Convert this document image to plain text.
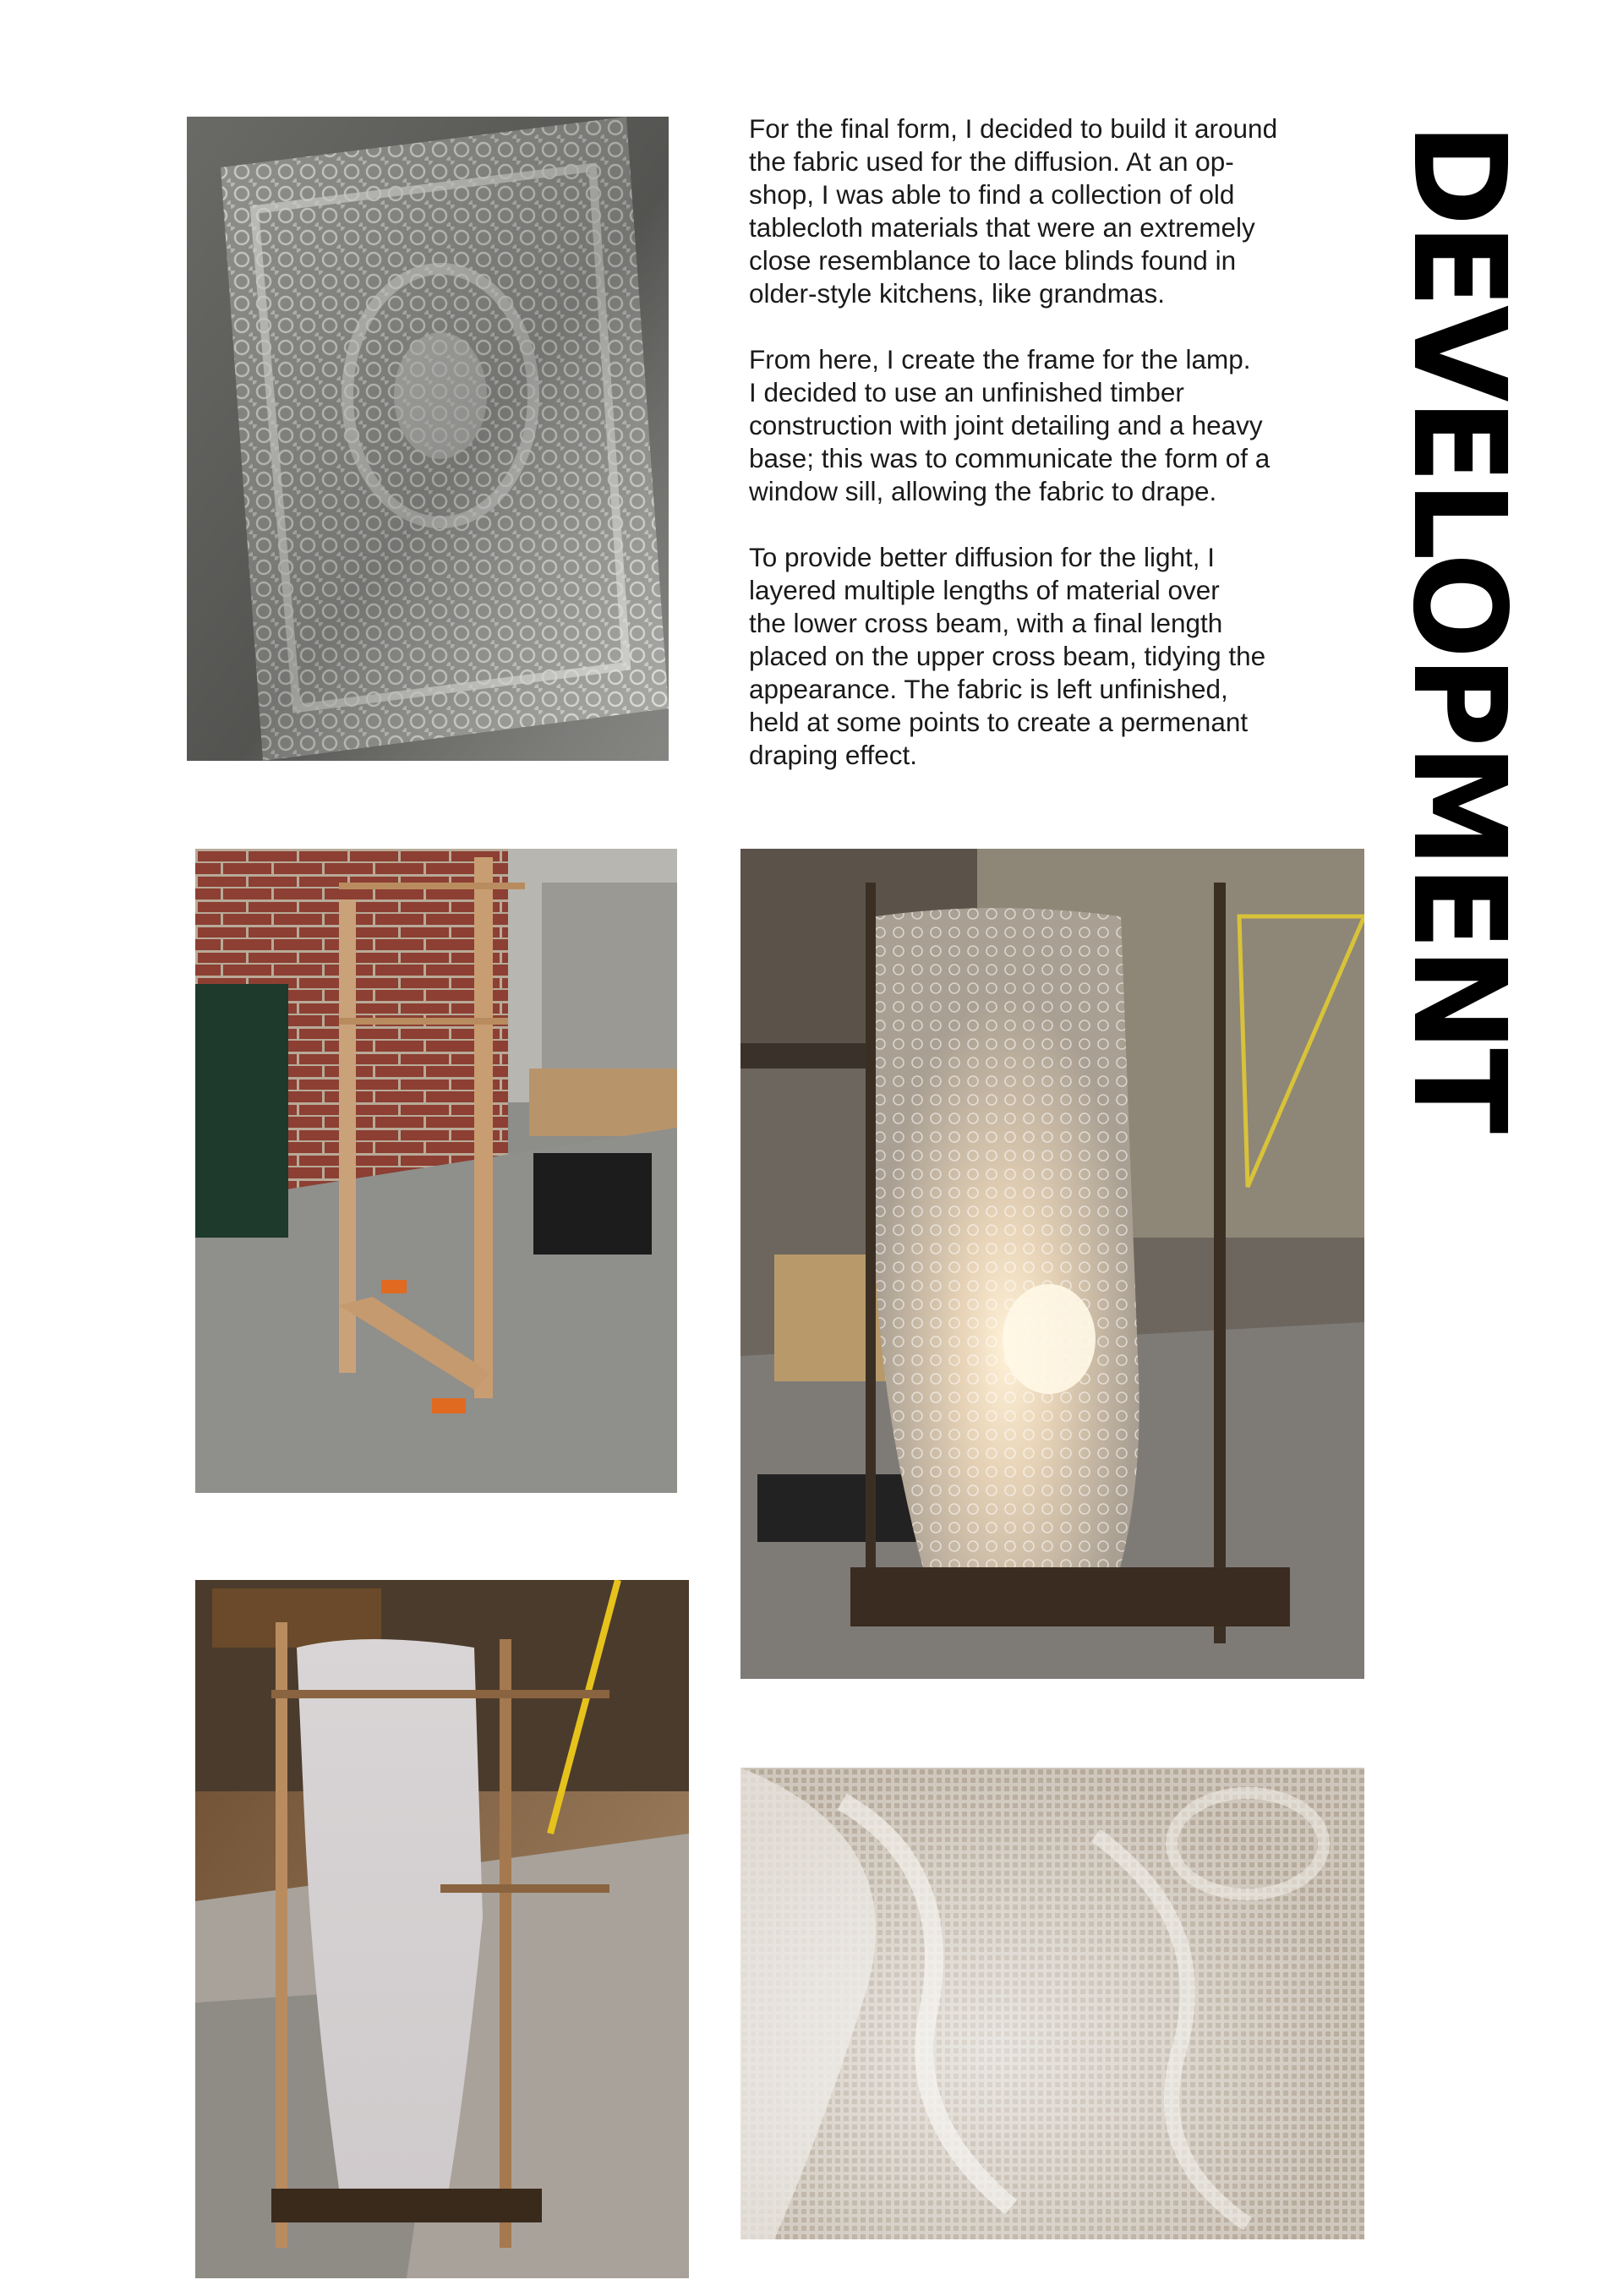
For the final form, I decided to build it around
the fabric used for the diffusion. At an op-
shop, I was able to find a collection of old
tablecloth materials that were an extremely
close resemblance to lace blinds found in
older-style kitchens, like grandmas.

From here, I create the frame for the lamp.
I decided to use an unfinished timber
construction with joint detailing and a heavy
base; this was to communicate the form of a
window sill, allowing the fabric to drape.

To provide better diffusion for the light, I
layered multiple lengths of material over
the lower cross beam, with a final length
placed on the upper cross beam, tidying the
appearance. The fabric is left unfinished,
held at some points to create a permenant
draping effect.	DEVELOPMENT
